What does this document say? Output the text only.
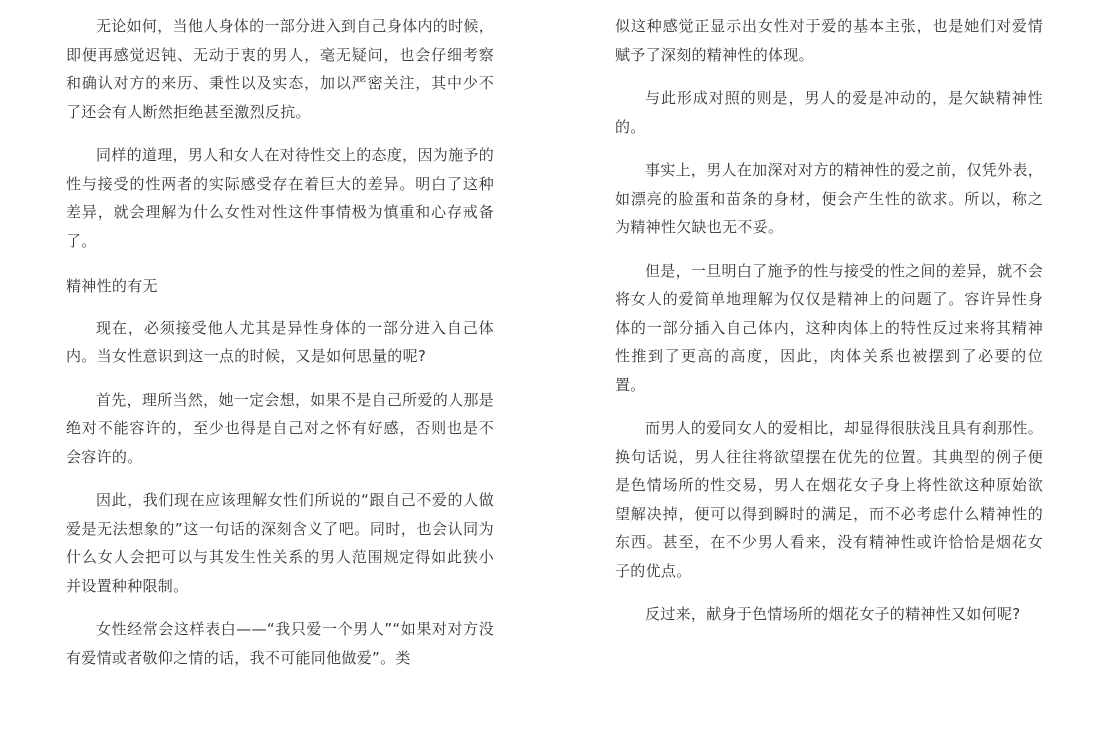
无论如何，当他人身体的一部分进入到自己身体内的时候，即便再感觉迟钝、无动于衷的男人，毫无疑问，也会仔细考察和确认对方的来历、秉性以及实态，加以严密关注，其中少不了还会有人断然拒绝甚至激烈反抗。

同样的道理，男人和女人在对待性交上的态度，因为施予的性与接受的性两者的实际感受存在着巨大的差异。明白了这种差异，就会理解为什么女性对性这件事情极为慎重和心存戒备了。

精神性的有无

现在，必须接受他人尤其是异性身体的一部分进入自己体内。当女性意识到这一点的时候，又是如何思量的呢?

首先，理所当然，她一定会想，如果不是自己所爱的人那是绝对不能容许的，至少也得是自己对之怀有好感，否则也是不会容许的。

因此，我们现在应该理解女性们所说的“跟自己不爱的人做爱是无法想象的”这一句话的深刻含义了吧。同时，也会认同为什么女人会把可以与其发生性关系的男人范围规定得如此狭小并设置种种限制。

女性经常会这样表白——“我只爱一个男人”“如果对对方没有爱情或者敬仰之情的话，我不可能同他做爱”。类

似这种感觉正显示出女性对于爱的基本主张，也是她们对爱情赋予了深刻的精神性的体现。

与此形成对照的则是，男人的爱是冲动的，是欠缺精神性的。

事实上，男人在加深对对方的精神性的爱之前，仅凭外表，如漂亮的脸蛋和苗条的身材，便会产生性的欲求。所以，称之为精神性欠缺也无不妥。

但是，一旦明白了施予的性与接受的性之间的差异，就不会将女人的爱简单地理解为仅仅是精神上的问题了。容许异性身体的一部分插入自己体内，这种肉体上的特性反过来将其精神性推到了更高的高度，因此，肉体关系也被摆到了必要的位置。

而男人的爱同女人的爱相比，却显得很肤浅且具有刹那性。换句话说，男人往往将欲望摆在优先的位置。其典型的例子便是色情场所的性交易，男人在烟花女子身上将性欲这种原始欲望解决掉，便可以得到瞬时的满足，而不必考虑什么精神性的东西。甚至，在不少男人看来，没有精神性或许恰恰是烟花女子的优点。

反过来，献身于色情场所的烟花女子的精神性又如何呢?
